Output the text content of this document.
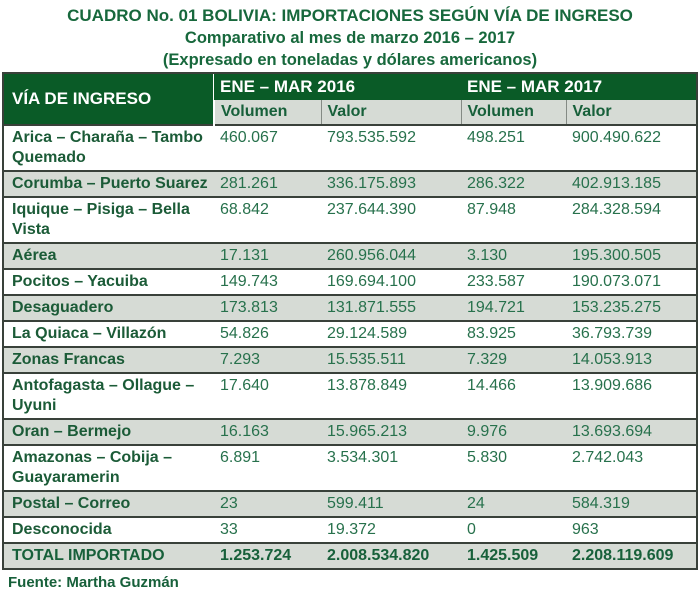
CUADRO No. 01 BOLIVIA: IMPORTACIONES SEGÚN VÍA DE INGRESO
Comparativo al mes de marzo 2016 – 2017
(Expresado en toneladas y dólares americanos)
VÍA DE INGRESO	ENE – MAR 2016		ENE – MAR 2017	
	Volumen	Valor	Volumen	Valor
Arica – Charaña – Tambo Quemado	460.067	793.535.592	498.251	900.490.622
Corumba – Puerto Suarez	281.261	336.175.893	286.322	402.913.185
Iquique – Pisiga – Bella Vista	68.842	237.644.390	87.948	284.328.594
Aérea	17.131	260.956.044	3.130	195.300.505
Pocitos – Yacuiba	149.743	169.694.100	233.587	190.073.071
Desaguadero	173.813	131.871.555	194.721	153.235.275
La Quiaca – Villazón	54.826	29.124.589	83.925	36.793.739
Zonas Francas	7.293	15.535.511	7.329	14.053.913
Antofagasta – Ollague – Uyuni	17.640	13.878.849	14.466	13.909.686
Oran – Bermejo	16.163	15.965.213	9.976	13.693.694
Amazonas – Cobija – Guayaramerin	6.891	3.534.301	5.830	2.742.043
Postal – Correo	23	599.411	24	584.319
Desconocida	33	19.372	0	963
TOTAL IMPORTADO	1.253.724	2.008.534.820	1.425.509	2.208.119.609
Fuente: Martha Guzmán
